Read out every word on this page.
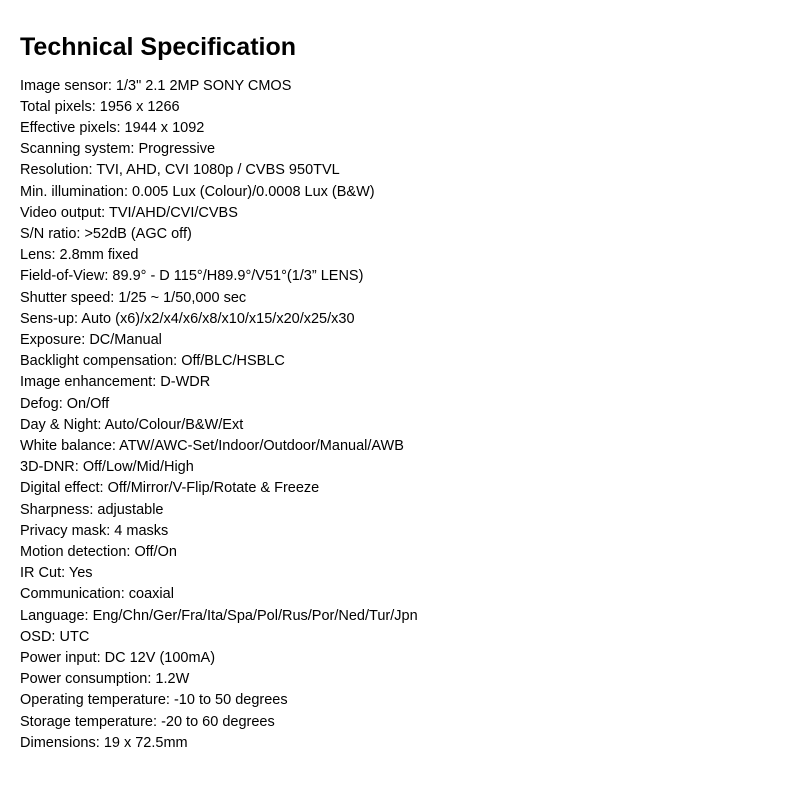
Technical Specification
Image sensor: 1/3" 2.1 2MP SONY CMOS
Total pixels: 1956 x 1266
Effective pixels: 1944 x 1092
Scanning system: Progressive
Resolution: TVI, AHD, CVI 1080p / CVBS 950TVL
Min. illumination: 0.005 Lux (Colour)/0.0008 Lux (B&W)
Video output: TVI/AHD/CVI/CVBS
S/N ratio: >52dB (AGC off)
Lens: 2.8mm fixed
Field-of-View: 89.9° - D 115°/H89.9°/V51°(1/3” LENS)
Shutter speed: 1/25 ~ 1/50,000 sec
Sens-up: Auto (x6)/x2/x4/x6/x8/x10/x15/x20/x25/x30
Exposure: DC/Manual
Backlight compensation: Off/BLC/HSBLC
Image enhancement: D-WDR
Defog: On/Off
Day & Night: Auto/Colour/B&W/Ext
White balance: ATW/AWC-Set/Indoor/Outdoor/Manual/AWB
3D-DNR: Off/Low/Mid/High
Digital effect: Off/Mirror/V-Flip/Rotate & Freeze
Sharpness: adjustable
Privacy mask: 4 masks
Motion detection: Off/On
IR Cut: Yes
Communication: coaxial
Language: Eng/Chn/Ger/Fra/Ita/Spa/Pol/Rus/Por/Ned/Tur/Jpn
OSD: UTC
Power input: DC 12V (100mA)
Power consumption: 1.2W
Operating temperature: -10 to 50 degrees
Storage temperature: -20 to 60 degrees
Dimensions: 19 x 72.5mm
